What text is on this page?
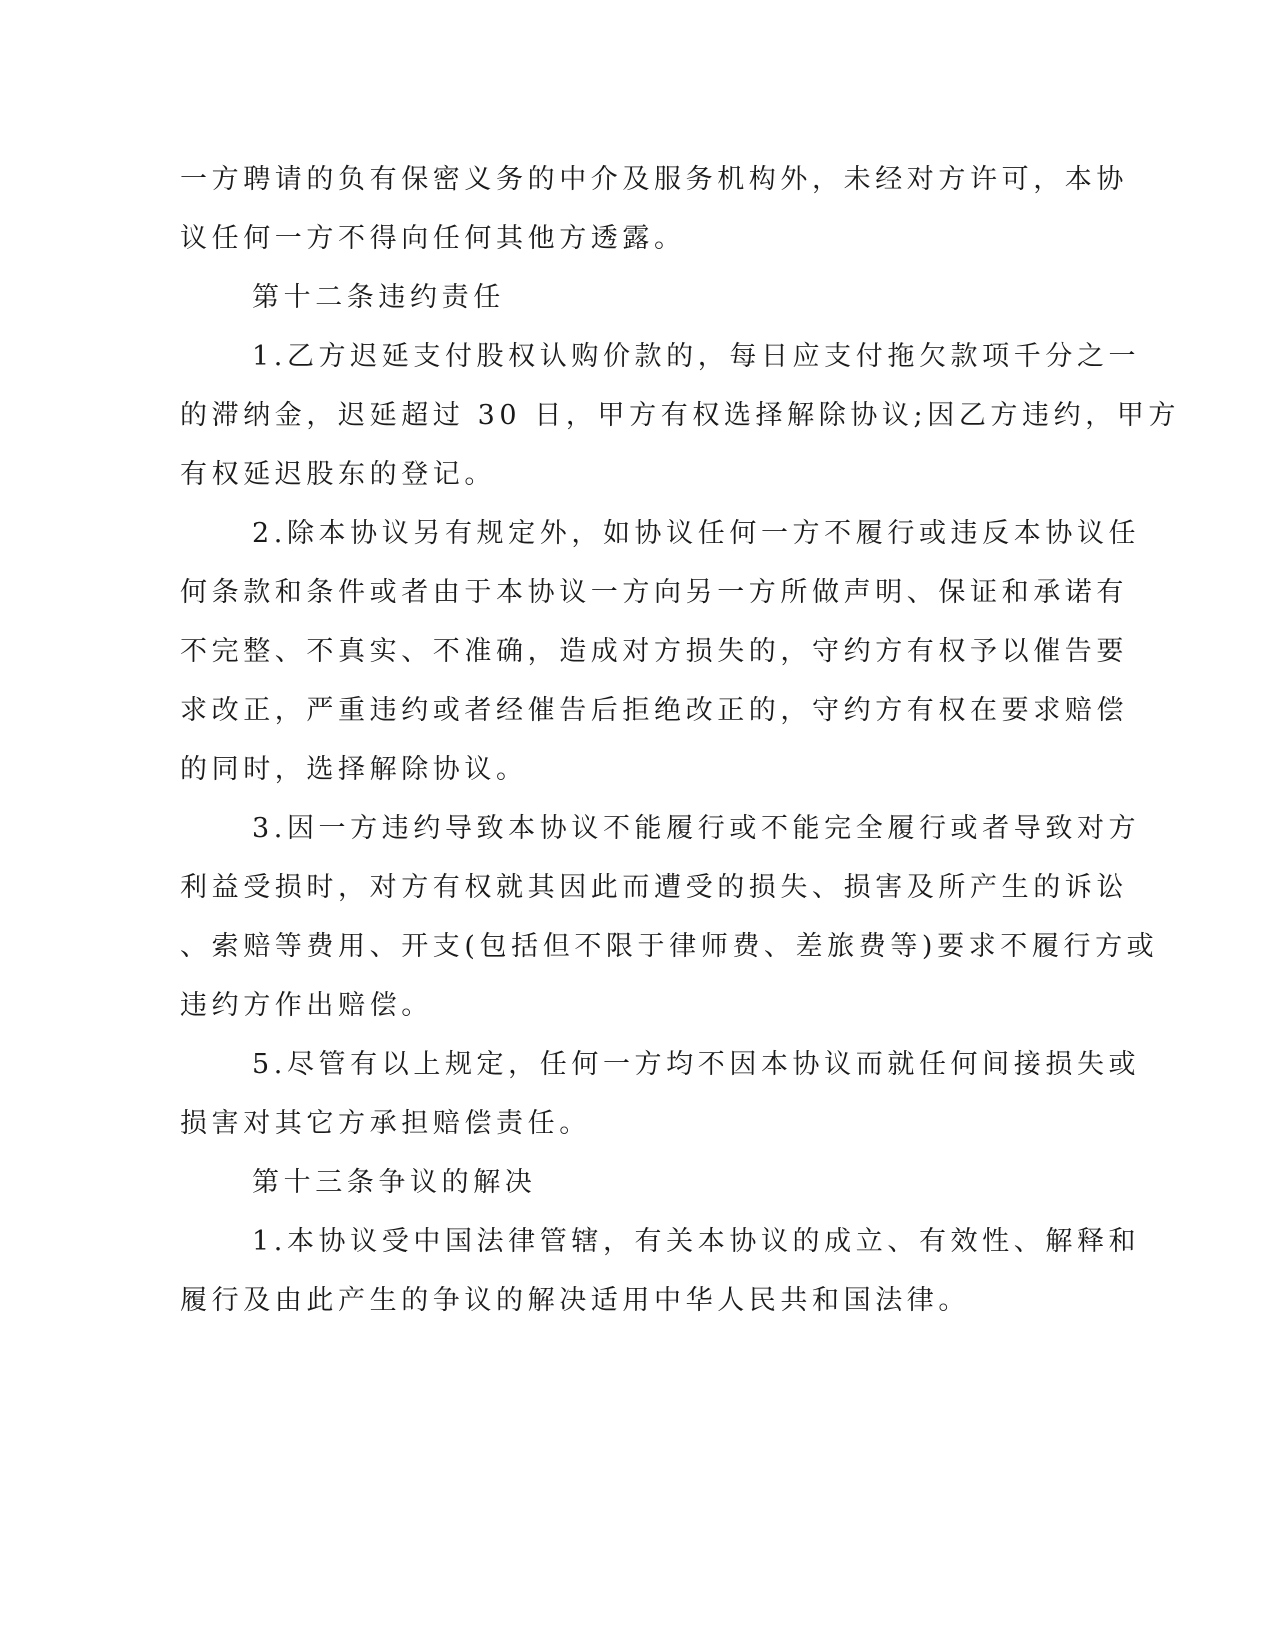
一方聘请的负有保密义务的中介及服务机构外，未经对方许可，本协
议任何一方不得向任何其他方透露。
第十二条违约责任
1.乙方迟延支付股权认购价款的，每日应支付拖欠款项千分之一
的滞纳金，迟延超过 30 日，甲方有权选择解除协议;因乙方违约，甲方
有权延迟股东的登记。
2.除本协议另有规定外，如协议任何一方不履行或违反本协议任
何条款和条件或者由于本协议一方向另一方所做声明、保证和承诺有
不完整、不真实、不准确，造成对方损失的，守约方有权予以催告要
求改正，严重违约或者经催告后拒绝改正的，守约方有权在要求赔偿
的同时，选择解除协议。
3.因一方违约导致本协议不能履行或不能完全履行或者导致对方
利益受损时，对方有权就其因此而遭受的损失、损害及所产生的诉讼
、索赔等费用、开支(包括但不限于律师费、差旅费等)要求不履行方或
违约方作出赔偿。
5.尽管有以上规定，任何一方均不因本协议而就任何间接损失或
损害对其它方承担赔偿责任。
第十三条争议的解决
1.本协议受中国法律管辖，有关本协议的成立、有效性、解释和
履行及由此产生的争议的解决适用中华人民共和国法律。
